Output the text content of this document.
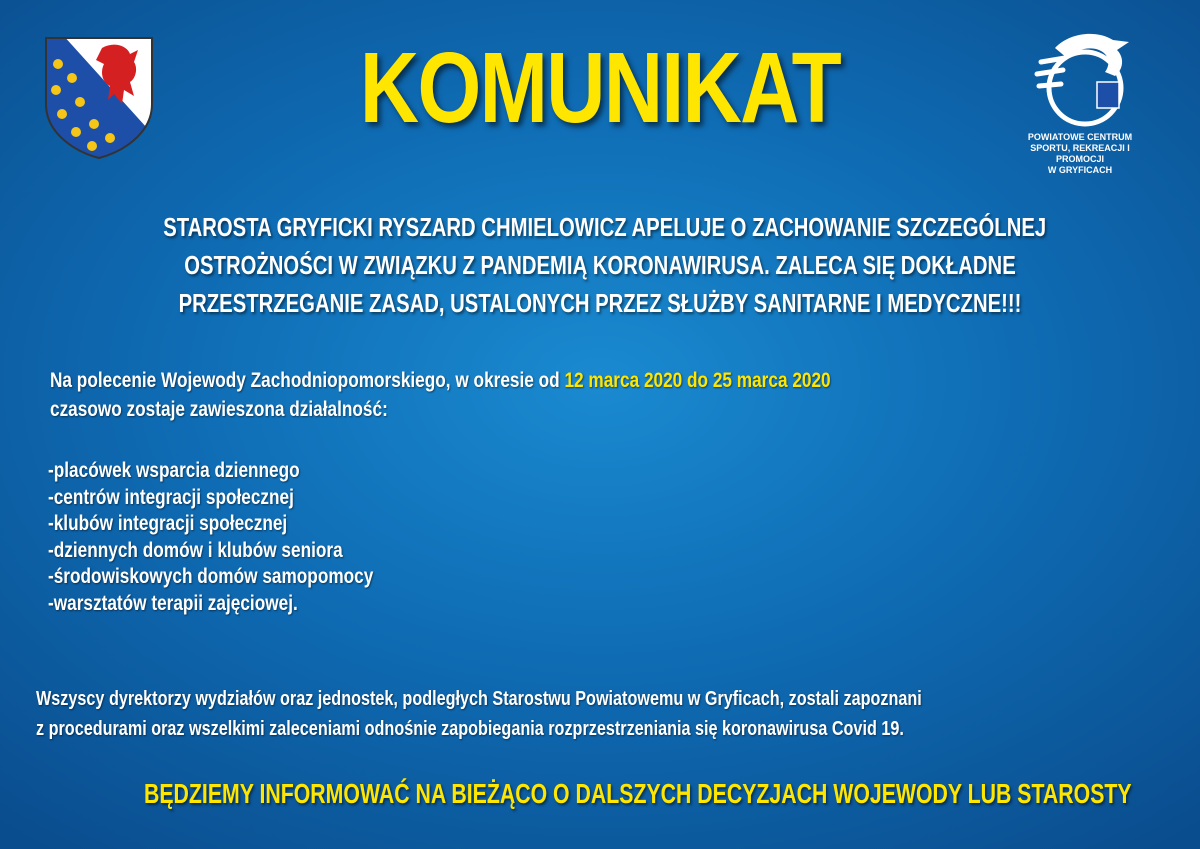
KOMUNIKAT	POWIATOWE CENTRUM
SPORTU, REKREACJI I PROMOCJI
W GRYFICACH
STAROSTA GRYFICKI RYSZARD CHMIELOWICZ APELUJE O ZACHOWANIE SZCZEGÓLNEJ
OSTROŻNOŚCI W ZWIĄZKU Z PANDEMIĄ KORONAWIRUSA. ZALECA SIĘ DOKŁADNE
PRZESTRZEGANIE ZASAD, USTALONYCH PRZEZ SŁUŻBY SANITARNE I MEDYCZNE!!!
Na polecenie Wojewody Zachodniopomorskiego, w okresie od 12 marca 2020 do 25 marca 2020
czasowo zostaje zawieszona działalność:
-placówek wsparcia dziennego
-centrów integracji społecznej
-klubów integracji społecznej
-dziennych domów i klubów seniora
-środowiskowych domów samopomocy
-warsztatów terapii zajęciowej.
Wszyscy dyrektorzy wydziałów oraz jednostek, podległych Starostwu Powiatowemu w Gryficach, zostali zapoznani
z procedurami oraz wszelkimi zaleceniami odnośnie zapobiegania rozprzestrzeniania się koronawirusa Covid 19.
BĘDZIEMY INFORMOWAĆ NA BIEŻĄCO O DALSZYCH DECYZJACH WOJEWODY LUB STAROSTY
